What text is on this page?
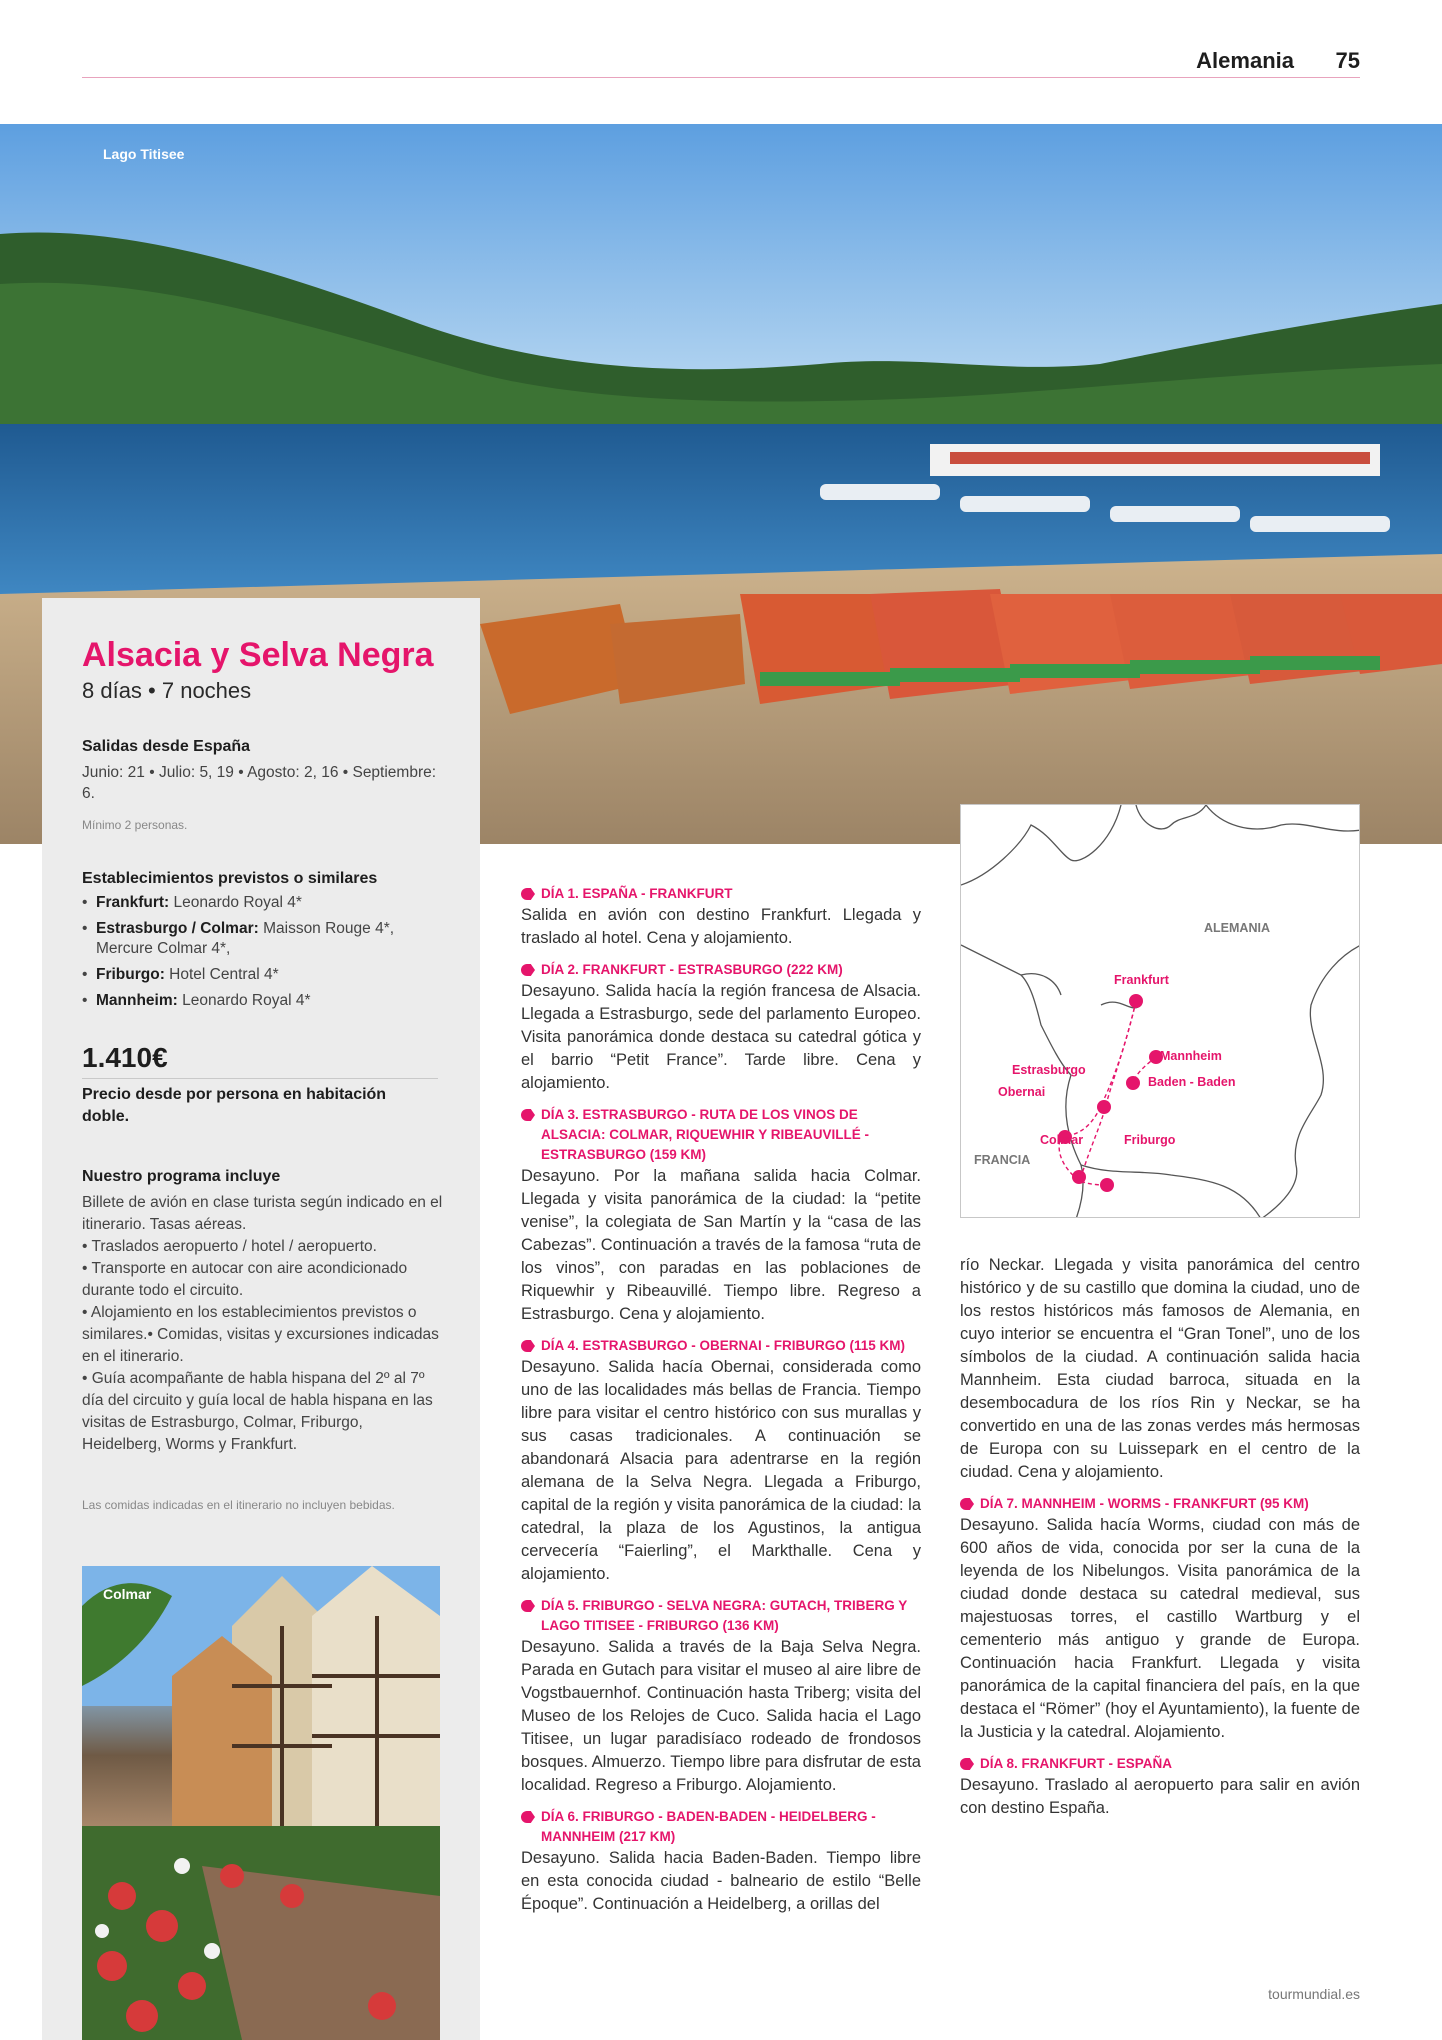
Alemania 75
Lago Titisee
Alsacia y Selva Negra
8 días • 7 noches
Salidas desde España
Junio: 21 • Julio: 5, 19 • Agosto: 2, 16 • Septiembre: 6.
Mínimo 2 personas.
Establecimientos previstos o similares
• Frankfurt: Leonardo Royal 4*
• Estrasburgo / Colmar: Maisson Rouge 4*, Mercure Colmar 4*,
• Friburgo: Hotel Central 4*
• Mannheim: Leonardo Royal 4*
1.410€
Precio desde por persona en habitación doble.
Nuestro programa incluye

Billete de avión en clase turista según indicado en el itinerario. Tasas aéreas.

• Traslados aeropuerto / hotel / aeropuerto.

• Transporte en autocar con aire acondicionado durante todo el circuito.

• Alojamiento en los establecimientos previstos o similares.• Comidas, visitas y excursiones indicadas en el itinerario.

• Guía acompañante de habla hispana del 2º al 7º día del circuito y guía local de habla hispana en las visitas de Estrasburgo, Colmar, Friburgo, Heidelberg, Worms y Frankfurt.

Las comidas indicadas en el itinerario no incluyen bebidas.
Colmar
DÍA 1. ESPAÑA - FRANKFURT
Salida en avión con destino Frankfurt. Llegada y traslado al hotel. Cena y alojamiento.
DÍA 2. FRANKFURT - ESTRASBURGO (222 KM)
Desayuno. Salida hacía la región francesa de Alsacia. Llegada a Estrasburgo, sede del parlamento Europeo. Visita panorámica donde destaca su catedral gótica y el barrio “Petit France”. Tarde libre. Cena y alojamiento.
DÍA 3. ESTRASBURGO - RUTA DE LOS VINOS DE ALSACIA: COLMAR, RIQUEWHIR Y RIBEAUVILLÉ - ESTRASBURGO (159 KM)
Desayuno. Por la mañana salida hacia Colmar. Llegada y visita panorámica de la ciudad: la “petite venise”, la colegiata de San Martín y la “casa de las Cabezas”. Continuación a través de la famosa “ruta de los vinos”, con paradas en las poblaciones de Riquewhir y Ribeauvillé. Tiempo libre. Regreso a Estrasburgo. Cena y alojamiento.
DÍA 4. ESTRASBURGO - OBERNAI - FRIBURGO (115 KM)
Desayuno. Salida hacía Obernai, considerada como uno de las localidades más bellas de Francia. Tiempo libre para visitar el centro histórico con sus murallas y sus casas tradicionales. A continuación se abandonará Alsacia para adentrarse en la región alemana de la Selva Negra. Llegada a Friburgo, capital de la región y visita panorámica de la ciudad: la catedral, la plaza de los Agustinos, la antigua cervecería “Faierling”, el Markthalle. Cena y alojamiento.
DÍA 5. FRIBURGO - SELVA NEGRA: GUTACH, TRIBERG Y LAGO TITISEE - FRIBURGO (136 KM)
Desayuno. Salida a través de la Baja Selva Negra. Parada en Gutach para visitar el museo al aire libre de Vogstbauernhof. Continuación hasta Triberg; visita del Museo de los Relojes de Cuco. Salida hacia el Lago Titisee, un lugar paradisíaco rodeado de frondosos bosques. Almuerzo. Tiempo libre para disfrutar de esta localidad. Regreso a Friburgo. Alojamiento.
DÍA 6. FRIBURGO - BADEN-BADEN - HEIDELBERG - MANNHEIM (217 KM)
Desayuno. Salida hacia Baden-Baden. Tiempo libre en esta conocida ciudad - balneario de estilo “Belle Époque”. Continuación a Heidelberg, a orillas del
ALEMANIA
FRANCIA
Frankfurt
Mannheim
Estrasburgo
Baden - Baden
Obernai
Colmar	Friburgo
río Neckar. Llegada y visita panorámica del centro histórico y de su castillo que domina la ciudad, uno de los restos históricos más famosos de Alemania, en cuyo interior se encuentra el “Gran Tonel”, uno de los símbolos de la ciudad. A continuación salida hacia Mannheim. Esta ciudad barroca, situada en la desembocadura de los ríos Rin y Neckar, se ha convertido en una de las zonas verdes más hermosas de Europa con su Luissepark en el centro de la ciudad. Cena y alojamiento.
DÍA 7. MANNHEIM - WORMS - FRANKFURT (95 KM)
Desayuno. Salida hacía Worms, ciudad con más de 600 años de vida, conocida por ser la cuna de la leyenda de los Nibelungos. Visita panorámica de la ciudad donde destaca su catedral medieval, sus majestuosas torres, el castillo Wartburg y el cementerio más antiguo y grande de Europa. Continuación hacia Frankfurt. Llegada y visita panorámica de la capital financiera del país, en la que destaca el “Römer” (hoy el Ayuntamiento), la fuente de la Justicia y la catedral. Alojamiento.
DÍA 8. FRANKFURT - ESPAÑA
Desayuno. Traslado al aeropuerto para salir en avión con destino España.
tourmundial.es
